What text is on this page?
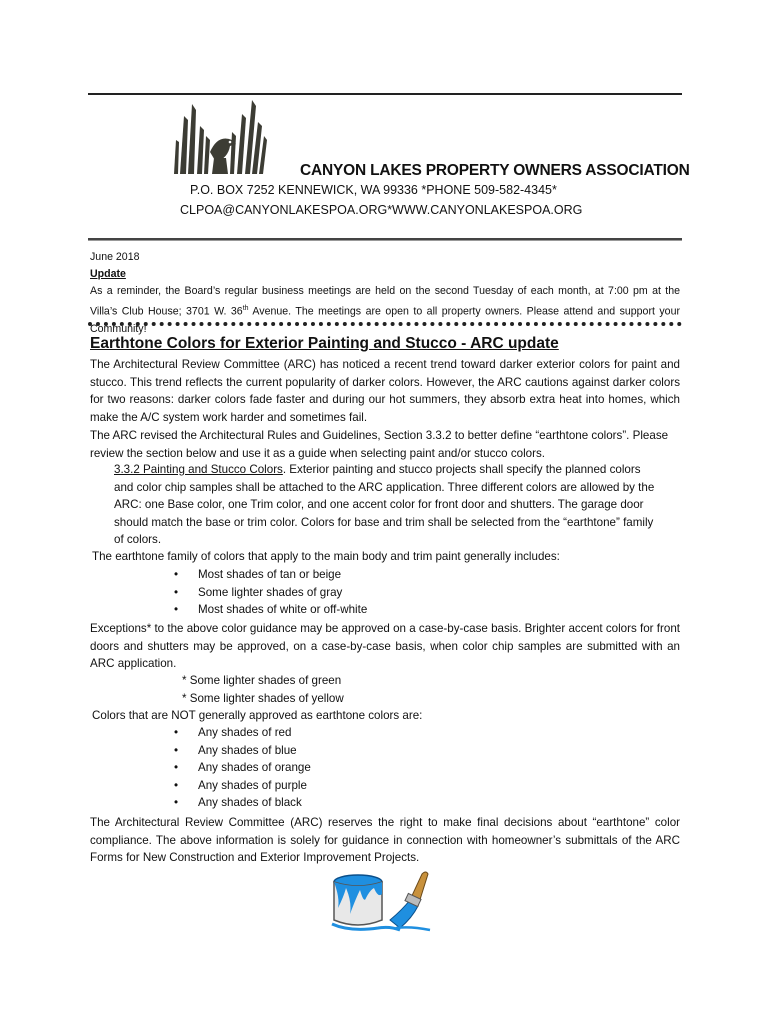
CANYON LAKES PROPERTY OWNERS ASSOCIATION
P.O. BOX 7252 KENNEWICK, WA 99336 *PHONE 509-582-4345*
CLPOA@CANYONLAKESPOA.ORG*WWW.CANYONLAKESPOA.ORG
June 2018
Update
As a reminder, the Board’s regular business meetings are held on the second Tuesday of each month, at 7:00 pm at the Villa’s Club House; 3701 W. 36th Avenue. The meetings are open to all property owners. Please attend and support your Community!
Earthtone Colors for Exterior Painting and Stucco - ARC update
The Architectural Review Committee (ARC) has noticed a recent trend toward darker exterior colors for paint and stucco. This trend reflects the current popularity of darker colors. However, the ARC cautions against darker colors for two reasons: darker colors fade faster and during our hot summers, they absorb extra heat into homes, which make the A/C system work harder and sometimes fail.
The ARC revised the Architectural Rules and Guidelines, Section 3.3.2 to better define “earthtone colors”. Please review the section below and use it as a guide when selecting paint and/or stucco colors.
3.3.2 Painting and Stucco Colors. Exterior painting and stucco projects shall specify the planned colors and color chip samples shall be attached to the ARC application. Three different colors are allowed by the ARC: one Base color, one Trim color, and one accent color for front door and shutters. The garage door should match the base or trim color. Colors for base and trim shall be selected from the “earthtone” family of colors.
The earthtone family of colors that apply to the main body and trim paint generally includes:
• Most shades of tan or beige
• Some lighter shades of gray
• Most shades of white or off-white
Exceptions* to the above color guidance may be approved on a case-by-case basis. Brighter accent colors for front doors and shutters may be approved, on a case-by-case basis, when color chip samples are submitted with an ARC application.
* Some lighter shades of green
* Some lighter shades of yellow
Colors that are NOT generally approved as earthtone colors are:
• Any shades of red
• Any shades of blue
• Any shades of orange
• Any shades of purple
• Any shades of black
The Architectural Review Committee (ARC) reserves the right to make final decisions about “earthtone” color compliance. The above information is solely for guidance in connection with homeowner’s submittals of the ARC Forms for New Construction and Exterior Improvement Projects.
